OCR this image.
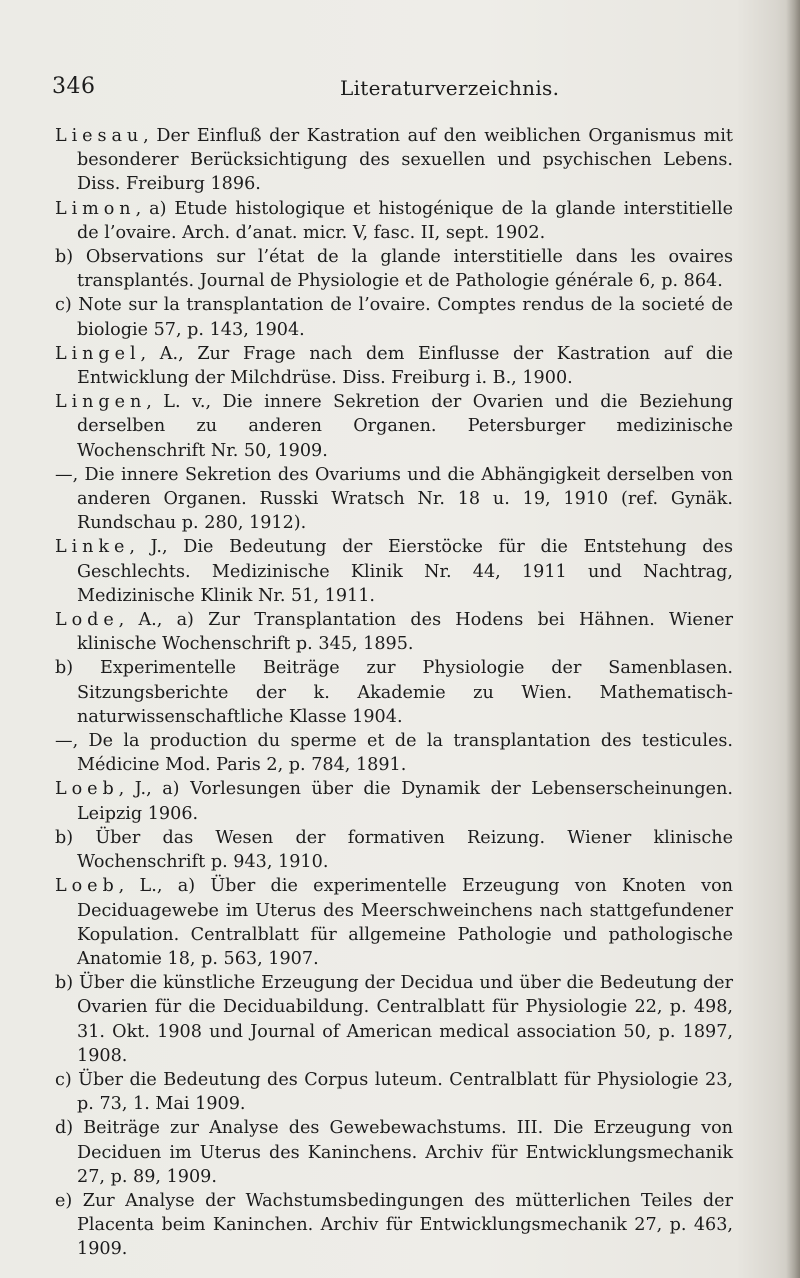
346	Literaturverzeichnis.

Liesau, Der Einfluß der Kastration auf den weiblichen Organismus mit besonderer Berücksichtigung des sexuellen und psychischen Lebens. Diss. Freiburg 1896.

Limon, a) Etude histologique et histogénique de la glande interstitielle de l’ovaire. Arch. d’anat. micr. V, fasc. II, sept. 1902.

b) Observations sur l’état de la glande interstitielle dans les ovaires transplantés. Journal de Physiologie et de Pathologie générale 6, p. 864.

c) Note sur la transplantation de l’ovaire. Comptes rendus de la societé de biologie 57, p. 143, 1904.

Lingel, A., Zur Frage nach dem Einflusse der Kastration auf die Entwicklung der Milchdrüse. Diss. Freiburg i. B., 1900.

Lingen, L. v., Die innere Sekretion der Ovarien und die Beziehung derselben zu anderen Organen. Petersburger medizinische Wochenschrift Nr. 50, 1909.

—, Die innere Sekretion des Ovariums und die Abhängigkeit derselben von anderen Organen. Russki Wratsch Nr. 18 u. 19, 1910 (ref. Gynäk. Rundschau p. 280, 1912).

Linke, J., Die Bedeutung der Eierstöcke für die Entstehung des Geschlechts. Medizinische Klinik Nr. 44, 1911 und Nachtrag, Medizinische Klinik Nr. 51, 1911.

Lode, A., a) Zur Transplantation des Hodens bei Hähnen. Wiener klinische Wochenschrift p. 345, 1895.

b) Experimentelle Beiträge zur Physiologie der Samenblasen. Sitzungsberichte der k. Akademie zu Wien. Mathematisch-naturwissenschaftliche Klasse 1904.

—, De la production du sperme et de la transplantation des testicules. Médicine Mod. Paris 2, p. 784, 1891.

Loeb, J., a) Vorlesungen über die Dynamik der Lebenserscheinungen. Leipzig 1906.

b) Über das Wesen der formativen Reizung. Wiener klinische Wochenschrift p. 943, 1910.

Loeb, L., a) Über die experimentelle Erzeugung von Knoten von Deciduagewebe im Uterus des Meerschweinchens nach stattgefundener Kopulation. Centralblatt für allgemeine Pathologie und pathologische Anatomie 18, p. 563, 1907.

b) Über die künstliche Erzeugung der Decidua und über die Bedeutung der Ovarien für die Deciduabildung. Centralblatt für Physiologie 22, p. 498, 31. Okt. 1908 und Journal of American medical association 50, p. 1897, 1908.

c) Über die Bedeutung des Corpus luteum. Centralblatt für Physiologie 23, p. 73, 1. Mai 1909.

d) Beiträge zur Analyse des Gewebewachstums. III. Die Erzeugung von Deciduen im Uterus des Kaninchens. Archiv für Entwicklungsmechanik 27, p. 89, 1909.

e) Zur Analyse der Wachstumsbedingungen des mütterlichen Teiles der Placenta beim Kaninchen. Archiv für Entwicklungsmechanik 27, p. 463, 1909.
